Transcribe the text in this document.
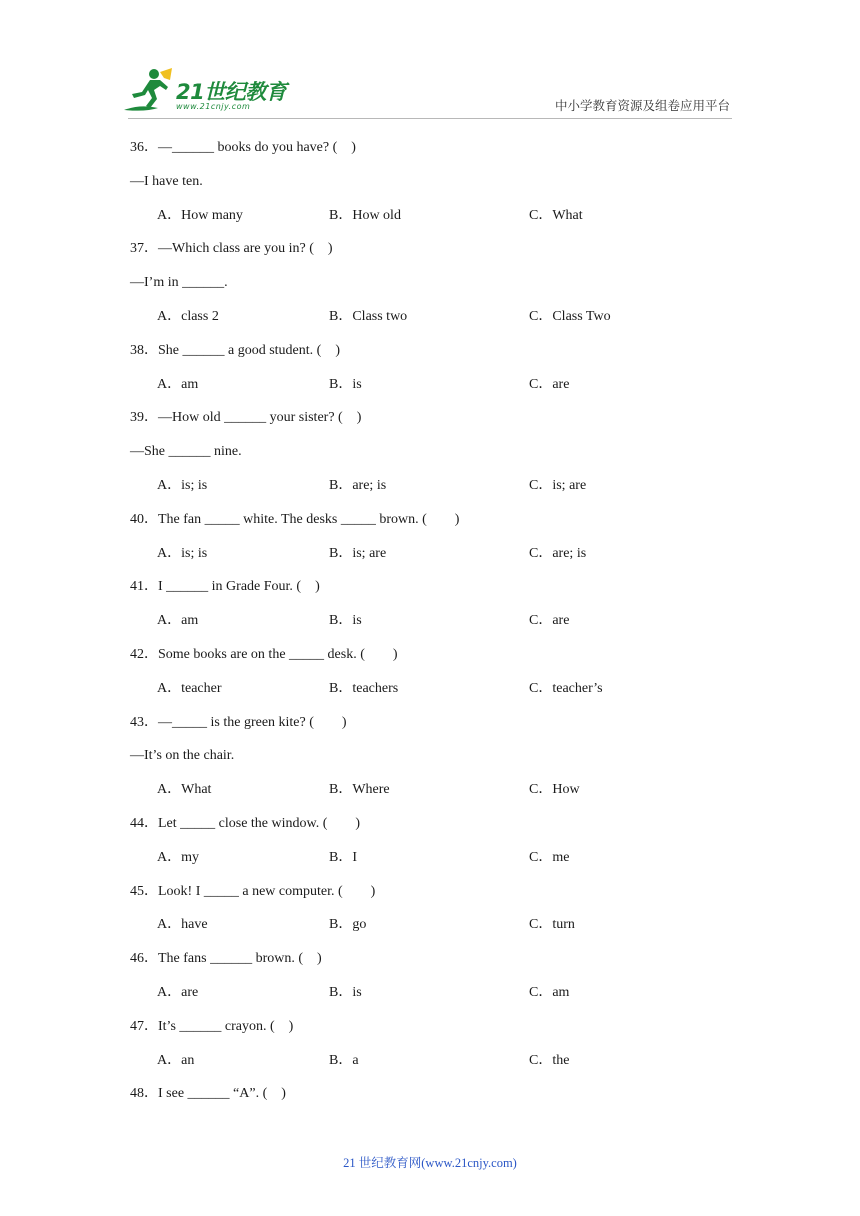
21世纪教育
www.21cnjy.com	中小学教育资源及组卷应用平台
36．—______ books do you have? (　)
—I have ten.
A．How many	B．How old	C．What
37．—Which class are you in? (　)
—I’m in ______.
A．class 2	B．Class two	C．Class Two
38．She ______ a good student. (　)
A．am	B．is	C．are
39．—How old ______ your sister? (　)
—She ______ nine.
A．is; is	B．are; is	C．is; are
40．The fan _____ white. The desks _____ brown. (　　)
A．is; is	B．is; are	C．are; is
41．I ______ in Grade Four. (　)
A．am	B．is	C．are
42．Some books are on the _____ desk. (　　)
A．teacher	B．teachers	C．teacher’s
43．—_____ is the green kite? (　　)
—It’s on the chair.
A．What	B．Where	C．How
44．Let _____ close the window. (　　)
A．my	B．I	C．me
45．Look! I _____ a new computer. (　　)
A．have	B．go	C．turn
46．The fans ______ brown. (　)
A．are	B．is	C．am
47．It’s ______ crayon. (　)
A．an	B．a	C．the
48．I see ______ “A”. (　)
21 世纪教育网(www.21cnjy.com)
